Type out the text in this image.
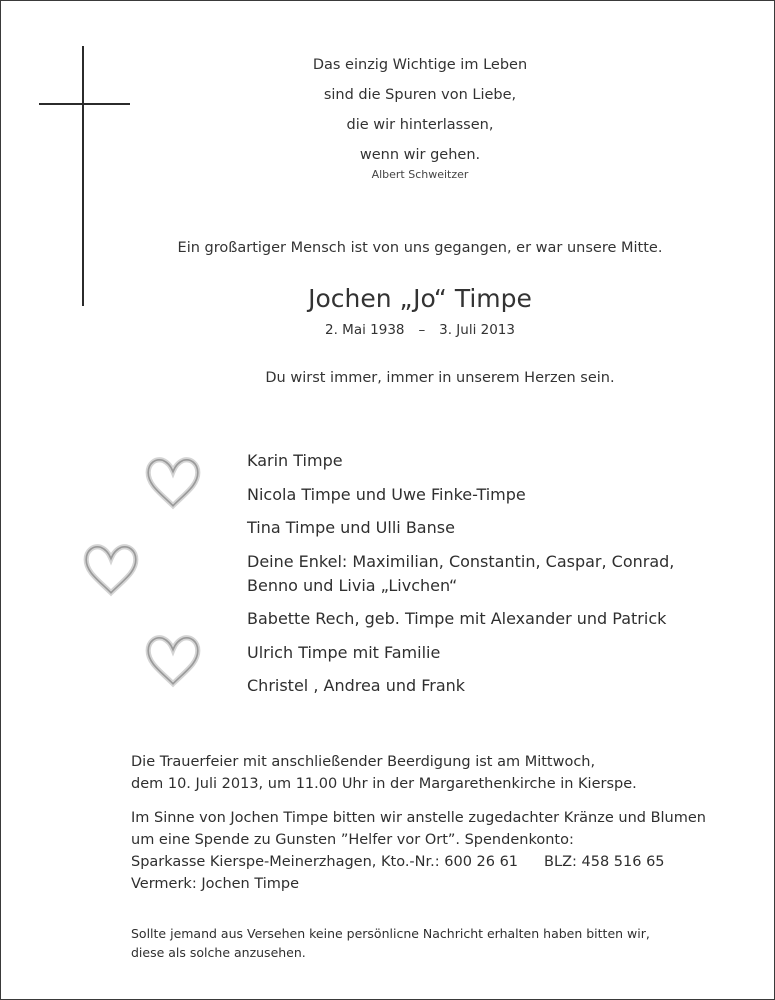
Das einzig Wichtige im Leben
sind die Spuren von Liebe,
die wir hinterlassen,
wenn wir gehen.
Albert Schweitzer
Ein großartiger Mensch ist von uns gegangen, er war unsere Mitte.
Jochen „Jo“ Timpe
2. Mai 1938 – 3. Juli 2013
Du wirst immer, immer in unserem Herzen sein.
Karin Timpe
Nicola Timpe und Uwe Finke-Timpe
Tina Timpe und Ulli Banse
Deine Enkel: Maximilian, Constantin, Caspar, Conrad,
Benno und Livia „Livchen“
Babette Rech, geb. Timpe mit Alexander und Patrick
Ulrich Timpe mit Familie
Christel , Andrea und Frank
Die Trauerfeier mit anschließender Beerdigung ist am Mittwoch,
dem 10. Juli 2013, um 11.00 Uhr in der Margarethenkirche in Kierspe.
Im Sinne von Jochen Timpe bitten wir anstelle zugedachter Kränze und Blumen
um eine Spende zu Gunsten ”Helfer vor Ort”. Spendenkonto:
Sparkasse Kierspe-Meinerzhagen, Kto.-Nr.: 600 26 61 BLZ: 458 516 65
Vermerk: Jochen Timpe
Sollte jemand aus Versehen keine persönlicne Nachricht erhalten haben bitten wir,
diese als solche anzusehen.
